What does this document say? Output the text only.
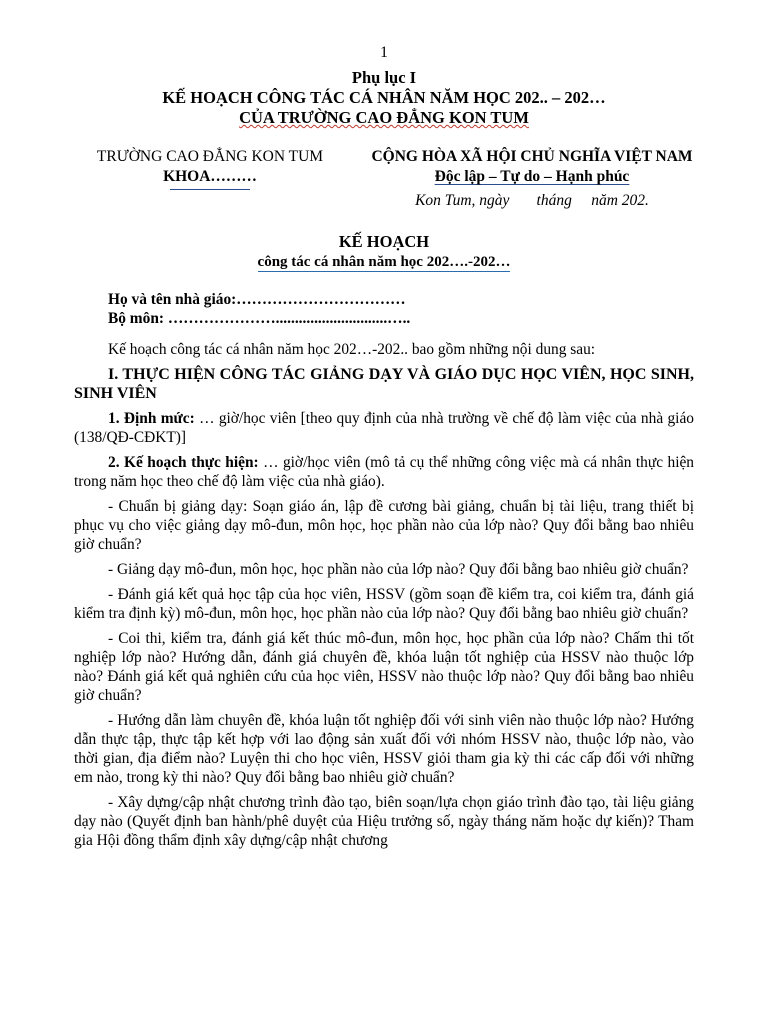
1
Phụ lục I
KẾ HOẠCH CÔNG TÁC CÁ NHÂN NĂM HỌC 202.. – 202…
CỦA TRƯỜNG CAO ĐẲNG KON TUM
TRƯỜNG CAO ĐẲNG KON TUM
KHOA………
CỘNG HÒA XÃ HỘI CHỦ NGHĨA VIỆT NAM
Độc lập – Tự do – Hạnh phúc
Kon Tum, ngày       tháng     năm 202.
KẾ HOẠCH
công tác cá nhân năm học 202….-202…

Họ và tên nhà giáo:……………………………

Bộ môn: ………………….............................…..

Kế hoạch công tác cá nhân năm học 202…-202.. bao gồm những nội dung sau:

I. THỰC HIỆN CÔNG TÁC GIẢNG DẠY VÀ GIÁO DỤC HỌC VIÊN, HỌC SINH, SINH VIÊN

1. Định mức: … giờ/học viên [theo quy định của nhà trường về chế độ làm việc của nhà giáo (138/QĐ-CĐKT)]

2. Kế hoạch thực hiện: … giờ/học viên (mô tả cụ thể những công việc mà cá nhân thực hiện trong năm học theo chế độ làm việc của nhà giáo).

- Chuẩn bị giảng dạy: Soạn giáo án, lập đề cương bài giảng, chuẩn bị tài liệu, trang thiết bị phục vụ cho việc giảng dạy mô-đun, môn học, học phần nào của lớp nào? Quy đổi bằng bao nhiêu giờ chuẩn?

- Giảng dạy mô-đun, môn học, học phần nào của lớp nào? Quy đổi bằng bao nhiêu giờ chuẩn?

- Đánh giá kết quả học tập của học viên, HSSV (gồm soạn đề kiểm tra, coi kiểm tra, đánh giá kiểm tra định kỳ) mô-đun, môn học, học phần nào của lớp nào? Quy đổi bằng bao nhiêu giờ chuẩn?

- Coi thi, kiểm tra, đánh giá kết thúc mô-đun, môn học, học phần của lớp nào? Chấm thi tốt nghiệp lớp nào? Hướng dẫn, đánh giá chuyên đề, khóa luận tốt nghiệp của HSSV nào thuộc lớp nào? Đánh giá kết quả nghiên cứu của học viên, HSSV nào thuộc lớp nào? Quy đổi bằng bao nhiêu giờ chuẩn?

- Hướng dẫn làm chuyên đề, khóa luận tốt nghiệp đối với sinh viên nào thuộc lớp nào? Hướng dẫn thực tập, thực tập kết hợp với lao động sản xuất đối với nhóm HSSV nào, thuộc lớp nào, vào thời gian, địa điểm nào? Luyện thi cho học viên, HSSV giỏi tham gia kỳ thi các cấp đối với những em nào, trong kỳ thi nào? Quy đổi bằng bao nhiêu giờ chuẩn?

- Xây dựng/cập nhật chương trình đào tạo, biên soạn/lựa chọn giáo trình đào tạo, tài liệu giảng dạy nào (Quyết định ban hành/phê duyệt của Hiệu trưởng số, ngày tháng năm hoặc dự kiến)? Tham gia Hội đồng thẩm định xây dựng/cập nhật chương
